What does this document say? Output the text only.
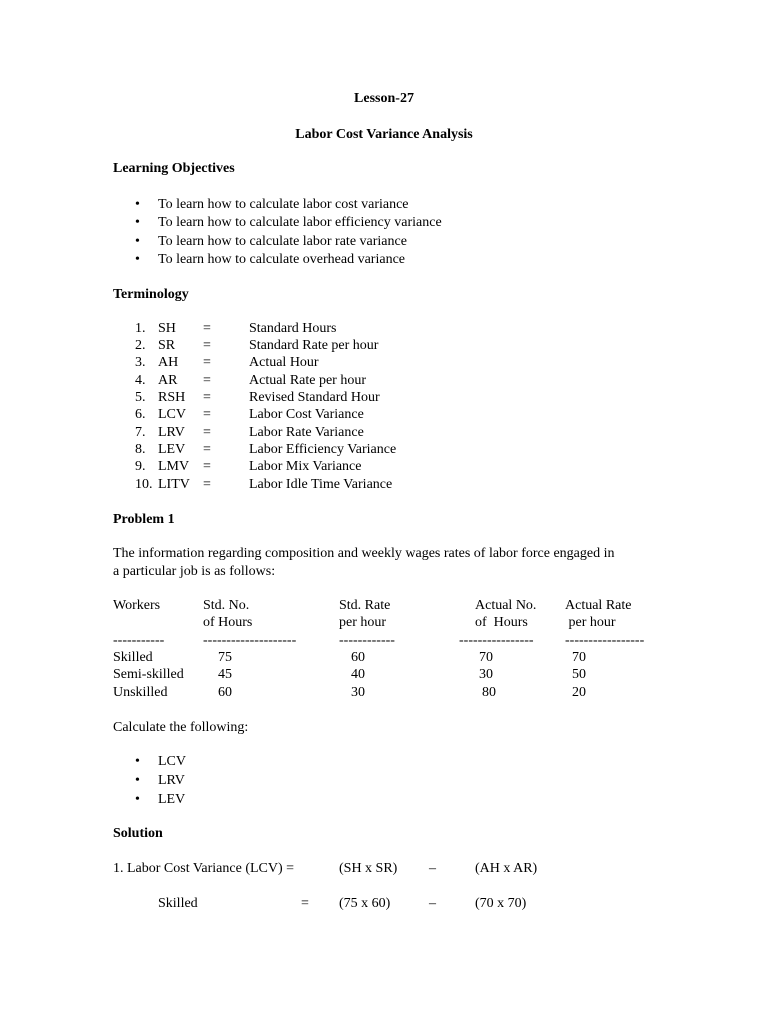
Lesson-27
Labor Cost Variance Analysis
Learning Objectives
• To learn how to calculate labor cost variance
• To learn how to calculate labor efficiency variance
• To learn how to calculate labor rate variance
• To learn how to calculate overhead variance
Terminology
1. SH =	Standard Hours
2. SR =	Standard Rate per hour
3. AH =	Actual Hour
4. AR =	Actual Rate per hour
5. RSH =	Revised Standard Hour
6. LCV =	Labor Cost Variance
7. LRV =	Labor Rate Variance
8. LEV =	Labor Efficiency Variance
9. LMV =	Labor Mix Variance
10. LITV =	Labor Idle Time Variance
Problem 1
The information regarding composition and weekly wages rates of labor force engaged in
a particular job is as follows:
Workers	Std. No.	Std. Rate	Actual No. Actual Rate
of Hours	per hour	of  Hours	per hour
-----------	--------------------	------------	---------------- -----------------
Skilled	75	60	70	70
Semi-skilled 45	40	30	50
Unskilled	60	30	80	20
Calculate the following:
• LCV
• LRV
• LEV
Solution
1. Labor Cost Variance (LCV) =	(SH x SR) –	(AH x AR)
Skilled	= (75 x 60)	–	(70 x 70)
